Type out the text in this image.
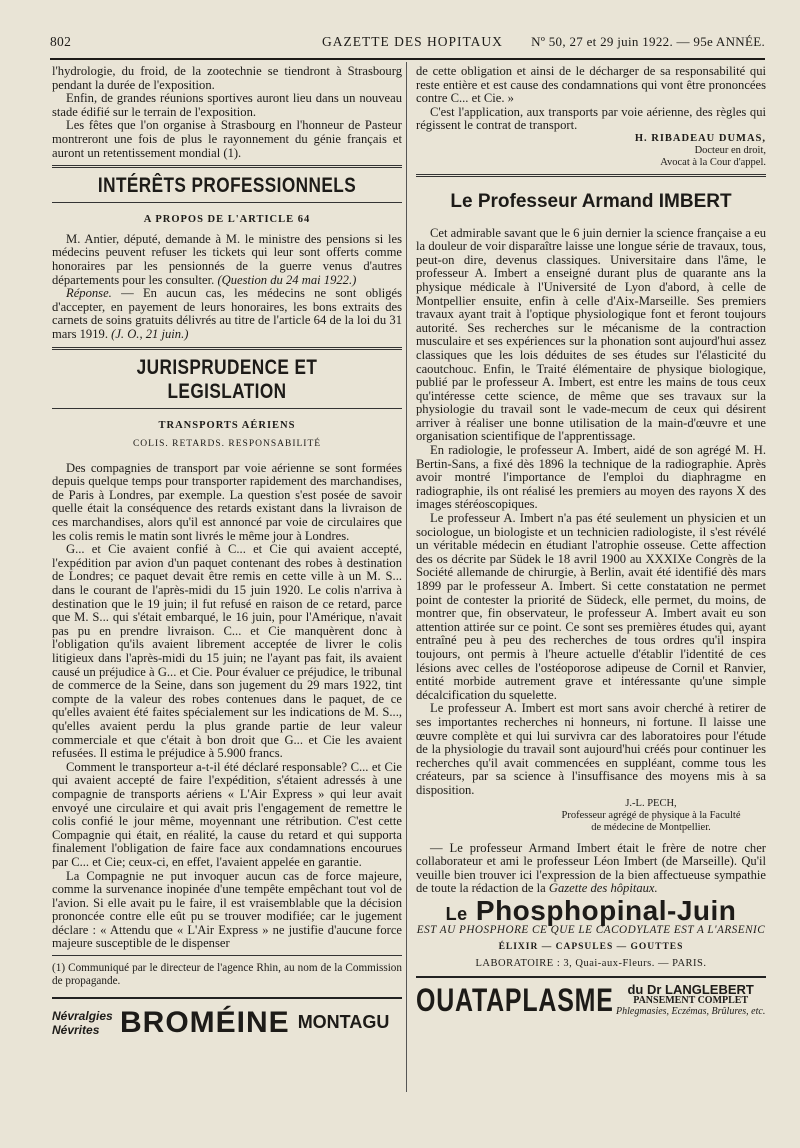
802	GAZETTE DES HOPITAUX Nº 50, 27 et 29 juin 1922. — 95e ANNÉE.

l'hydrologie, du froid, de la zootechnie se tiendront à Strasbourg pendant la durée de l'exposition.

Enfin, de grandes réunions sportives auront lieu dans un nouveau stade édifié sur le terrain de l'exposition.

Les fêtes que l'on organise à Strasbourg en l'honneur de Pasteur montreront une fois de plus le rayonnement du génie français et auront un retentissement mondial (1).

INTÉRÊTS PROFESSIONNELS
A PROPOS DE L'ARTICLE 64

M. Antier, député, demande à M. le ministre des pensions si les médecins peuvent refuser les tickets qui leur sont offerts comme honoraires par les pensionnés de la guerre venus d'autres départements pour les consulter. (Question du 24 mai 1922.)

Réponse. — En aucun cas, les médecins ne sont obligés d'accepter, en payement de leurs honoraires, les bons extraits des carnets de soins gratuits délivrés au titre de l'article 64 de la loi du 31 mars 1919. (J. O., 21 juin.)

JURISPRUDENCE ET LEGISLATION
TRANSPORTS AÉRIENS
COLIS. RETARDS. RESPONSABILITÉ

Des compagnies de transport par voie aérienne se sont formées depuis quelque temps pour transporter rapidement des marchandises, de Paris à Londres, par exemple. La question s'est posée de savoir quelle était la conséquence des retards existant dans la livraison de ces marchandises, alors qu'il est annoncé par voie de circulaires que les colis remis le matin sont livrés le même jour à Londres.

G... et Cie avaient confié à C... et Cie qui avaient accepté, l'expédition par avion d'un paquet contenant des robes à destination de Londres; ce paquet devait être remis en cette ville à un M. S... dans le courant de l'après-midi du 15 juin 1920. Le colis n'arriva à destination que le 19 juin; il fut refusé en raison de ce retard, parce que M. S... qui s'était embarqué, le 16 juin, pour l'Amérique, n'avait pas pu en prendre livraison. C... et Cie manquèrent donc à l'obligation qu'ils avaient librement acceptée de livrer le colis litigieux dans l'après-midi du 15 juin; ne l'ayant pas fait, ils avaient causé un préjudice à G... et Cie. Pour évaluer ce préjudice, le tribunal de commerce de la Seine, dans son jugement du 29 mars 1922, tint compte de la valeur des robes contenues dans le paquet, de ce qu'elles avaient été faites spécialement sur les indications de M. S..., qu'elles avaient perdu la plus grande partie de leur valeur commerciale et que c'était à bon droit que G... et Cie les avaient refusées. Il estima le préjudice à 5.900 francs.

Comment le transporteur a-t-il été déclaré responsable? C... et Cie qui avaient accepté de faire l'expédition, s'étaient adressés à une compagnie de transports aériens « L'Air Express » qui leur avait envoyé une circulaire et qui avait pris l'engagement de remettre le colis confié le jour même, moyennant une rétribution. C'est cette Compagnie qui était, en réalité, la cause du retard et qui supporta finalement l'obligation de faire face aux condamnations encourues par C... et Cie; ceux-ci, en effet, l'avaient appelée en garantie.

La Compagnie ne put invoquer aucun cas de force majeure, comme la survenance inopinée d'une tempête empêchant tout vol de l'avion. Si elle avait pu le faire, il est vraisemblable que la décision prononcée contre elle eût pu se trouver modifiée; car le jugement déclare : « Attendu que « L'Air Express » ne justifie d'aucune force majeure susceptible de le dispenser

(1) Communiqué par le directeur de l'agence Rhin, au nom de la Commission de propagande.
Névralgies
Névrites BROMÉINE MONTAGU

de cette obligation et ainsi de le décharger de sa responsabilité qui reste entière et est cause des condamnations qui vont être prononcées contre C... et Cie. »

C'est l'application, aux transports par voie aérienne, des règles qui régissent le contrat de transport.

H. RIBADEAU DUMAS,
Docteur en droit,
Avocat à la Cour d'appel.
Le Professeur Armand IMBERT

Cet admirable savant que le 6 juin dernier la science française a eu la douleur de voir disparaître laisse une longue série de travaux, tous, peut-on dire, devenus classiques. Universitaire dans l'âme, le professeur A. Imbert a enseigné durant plus de quarante ans la physique médicale à l'Université de Lyon d'abord, à celle de Montpellier ensuite, enfin à celle d'Aix-Marseille. Ses premiers travaux ayant trait à l'optique physiologique font et feront toujours autorité. Ses recherches sur le mécanisme de la contraction musculaire et ses expériences sur la phonation sont aujourd'hui assez classiques que les lois déduites de ses études sur l'élasticité du caoutchouc. Enfin, le Traité élémentaire de physique biologique, publié par le professeur A. Imbert, est entre les mains de tous ceux qu'intéresse cette science, de même que ses travaux sur la physiologie du travail sont le vade-mecum de ceux qui désirent arriver à réaliser une bonne utilisation de la main-d'œuvre et une organisation scientifique de l'apprentissage.

En radiologie, le professeur A. Imbert, aidé de son agrégé M. H. Bertin-Sans, a fixé dès 1896 la technique de la radiographie. Après avoir montré l'importance de l'emploi du diaphragme en radiographie, ils ont réalisé les premiers au moyen des rayons X des images stéréoscopiques.

Le professeur A. Imbert n'a pas été seulement un physicien et un sociologue, un biologiste et un technicien radiologiste, il s'est révélé un véritable médecin en étudiant l'atrophie osseuse. Cette affection des os décrite par Südek le 18 avril 1900 au XXXIXe Congrès de la Société allemande de chirurgie, à Berlin, avait été identifié dès mars 1899 par le professeur A. Imbert. Si cette constatation ne permet point de contester la priorité de Südeck, elle permet, du moins, de montrer que, fin observateur, le professeur A. Imbert avait eu son attention attirée sur ce point. Ce sont ses premières études qui, ayant entraîné peu à peu des recherches de tous ordres qu'il inspira toujours, ont permis à l'heure actuelle d'établir l'identité de ces lésions avec celles de l'ostéoporose adipeuse de Cornil et Ranvier, entité morbide autrement grave et intéressante qu'une simple décalcification du squelette.

Le professeur A. Imbert est mort sans avoir cherché à retirer de ses importantes recherches ni honneurs, ni fortune. Il laisse une œuvre complète et qui lui survivra car des laboratoires pour l'étude de la physiologie du travail sont aujourd'hui créés pour continuer les recherches qu'il avait commencées en suppléant, comme tous les créateurs, par sa science à l'insuffisance des moyens mis à sa disposition.

J.-L. PECH,
Professeur agrégé de physique à la Faculté
de médecine de Montpellier.

— Le professeur Armand Imbert était le frère de notre cher collaborateur et ami le professeur Léon Imbert (de Marseille). Qu'il veuille bien trouver ici l'expression de la bien affectueuse sympathie de toute la rédaction de la Gazette des hôpitaux.

Le Phosphopinal-Juin
EST AU PHOSPHORE CE QUE LE CACODYLATE EST A L'ARSENIC
ÉLIXIR — CAPSULES — GOUTTES
LABORATOIRE : 3, Quai-aux-Fleurs. — PARIS.
OUATAPLASME	du Dr LANGLEBERT
PANSEMENT COMPLET
Phlegmasies, Eczémas, Brûlures, etc.
